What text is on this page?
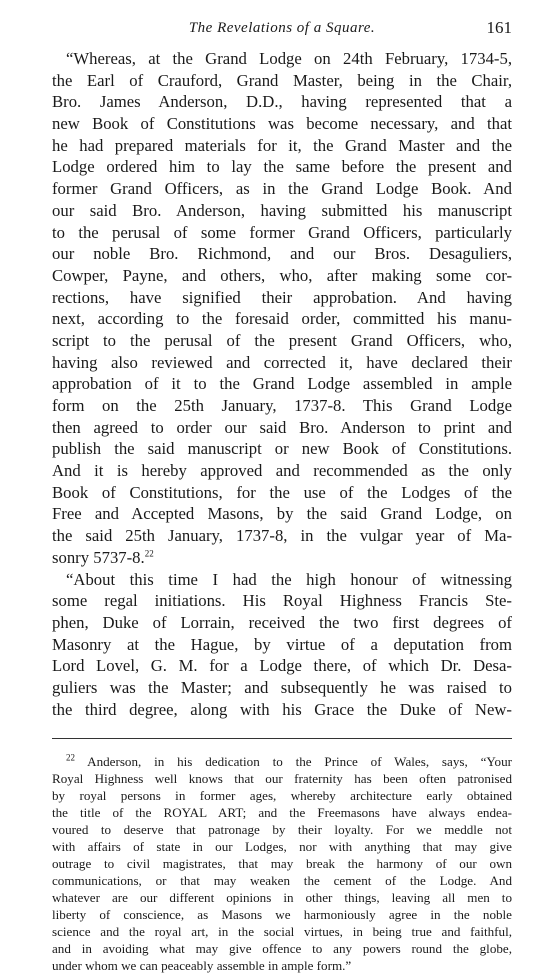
The Revelations of a Square.	161
“Whereas, at the Grand Lodge on 24th February, 1734-5,
the Earl of Crauford, Grand Master, being in the Chair,
Bro. James Anderson, D.D., having represented that a
new Book of Constitutions was become necessary, and that
he had prepared materials for it, the Grand Master and the
Lodge ordered him to lay the same before the present and
former Grand Officers, as in the Grand Lodge Book. And
our said Bro. Anderson, having submitted his manuscript
to the perusal of some former Grand Officers, particularly
our noble Bro. Richmond, and our Bros. Desaguliers,
Cowper, Payne, and others, who, after making some cor-
rections, have signified their approbation. And having
next, according to the foresaid order, committed his manu-
script to the perusal of the present Grand Officers, who,
having also reviewed and corrected it, have declared their
approbation of it to the Grand Lodge assembled in ample
form on the 25th January, 1737-8. This Grand Lodge
then agreed to order our said Bro. Anderson to print and
publish the said manuscript or new Book of Constitutions.
And it is hereby approved and recommended as the only
Book of Constitutions, for the use of the Lodges of the
Free and Accepted Masons, by the said Grand Lodge, on
the said 25th January, 1737-8, in the vulgar year of Ma-
sonry 5737-8.22
“About this time I had the high honour of witnessing
some regal initiations. His Royal Highness Francis Ste-
phen, Duke of Lorrain, received the two first degrees of
Masonry at the Hague, by virtue of a deputation from
Lord Lovel, G. M. for a Lodge there, of which Dr. Desa-
guliers was the Master; and subsequently he was raised to
the third degree, along with his Grace the Duke of New-
$^{22}$ Anderson, in his dedication to the Prince of Wales, says, “Your
Royal Highness well knows that our fraternity has been often patronised
by royal persons in former ages, whereby architecture early obtained
the title of the ROYAL ART; and the Freemasons have always endea-
voured to deserve that patronage by their loyalty. For we meddle not
with affairs of state in our Lodges, nor with anything that may give
outrage to civil magistrates, that may break the harmony of our own
communications, or that may weaken the cement of the Lodge. And
whatever are our different opinions in other things, leaving all men to
liberty of conscience, as Masons we harmoniously agree in the noble
science and the royal art, in the social virtues, in being true and faithful,
and in avoiding what may give offence to any powers round the globe,
under whom we can peaceably assemble in ample form.”
